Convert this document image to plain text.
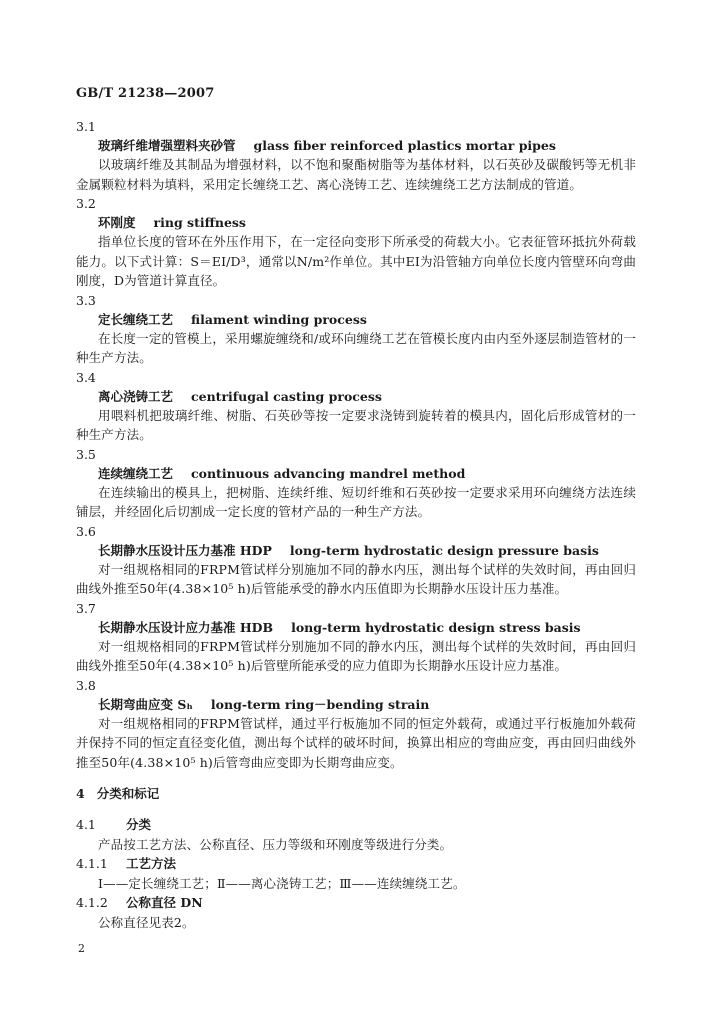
GB/T 21238—2007
3.1
玻璃纤维增强塑料夹砂管 glass fiber reinforced plastics mortar pipes
以玻璃纤维及其制品为增强材料，以不饱和聚酯树脂等为基体材料，以石英砂及碳酸钙等无机非金属颗粒材料为填料，采用定长缠绕工艺、离心浇铸工艺、连续缠绕工艺方法制成的管道。
3.2
环刚度 ring stiffness
指单位长度的管环在外压作用下，在一定径向变形下所承受的荷载大小。它表征管环抵抗外荷载能力。以下式计算：S＝EI/D³，通常以N/m²作单位。其中EI为沿管轴方向单位长度内管壁环向弯曲刚度，D为管道计算直径。
3.3
定长缠绕工艺 filament winding process
在长度一定的管模上，采用螺旋缠绕和/或环向缠绕工艺在管模长度内由内至外逐层制造管材的一种生产方法。
3.4
离心浇铸工艺 centrifugal casting process
用喂料机把玻璃纤维、树脂、石英砂等按一定要求浇铸到旋转着的模具内，固化后形成管材的一种生产方法。
3.5
连续缠绕工艺 continuous advancing mandrel method
在连续输出的模具上，把树脂、连续纤维、短切纤维和石英砂按一定要求采用环向缠绕方法连续铺层，并经固化后切割成一定长度的管材产品的一种生产方法。
3.6
长期静水压设计压力基准 HDP long-term hydrostatic design pressure basis
对一组规格相同的FRPM管试样分别施加不同的静水内压，测出每个试样的失效时间，再由回归曲线外推至50年(4.38×10⁵ h)后管能承受的静水内压值即为长期静水压设计压力基准。
3.7
长期静水压设计应力基准 HDB long-term hydrostatic design stress basis
对一组规格相同的FRPM管试样分别施加不同的静水内压，测出每个试样的失效时间，再由回归曲线外推至50年(4.38×10⁵ h)后管壁所能承受的应力值即为长期静水压设计应力基准。
3.8
长期弯曲应变 Sₕ long-term ring－bending strain
对一组规格相同的FRPM管试样，通过平行板施加不同的恒定外载荷，或通过平行板施加外载荷并保持不同的恒定直径变化值，测出每个试样的破坏时间，换算出相应的弯曲应变，再由回归曲线外推至50年(4.38×10⁵ h)后管弯曲应变即为长期弯曲应变。
4 分类和标记
4.1 分类
产品按工艺方法、公称直径、压力等级和环刚度等级进行分类。
4.1.1 工艺方法
Ⅰ——定长缠绕工艺；Ⅱ——离心浇铸工艺；Ⅲ——连续缠绕工艺。
4.1.2 公称直径 DN
公称直径见表2。
2
